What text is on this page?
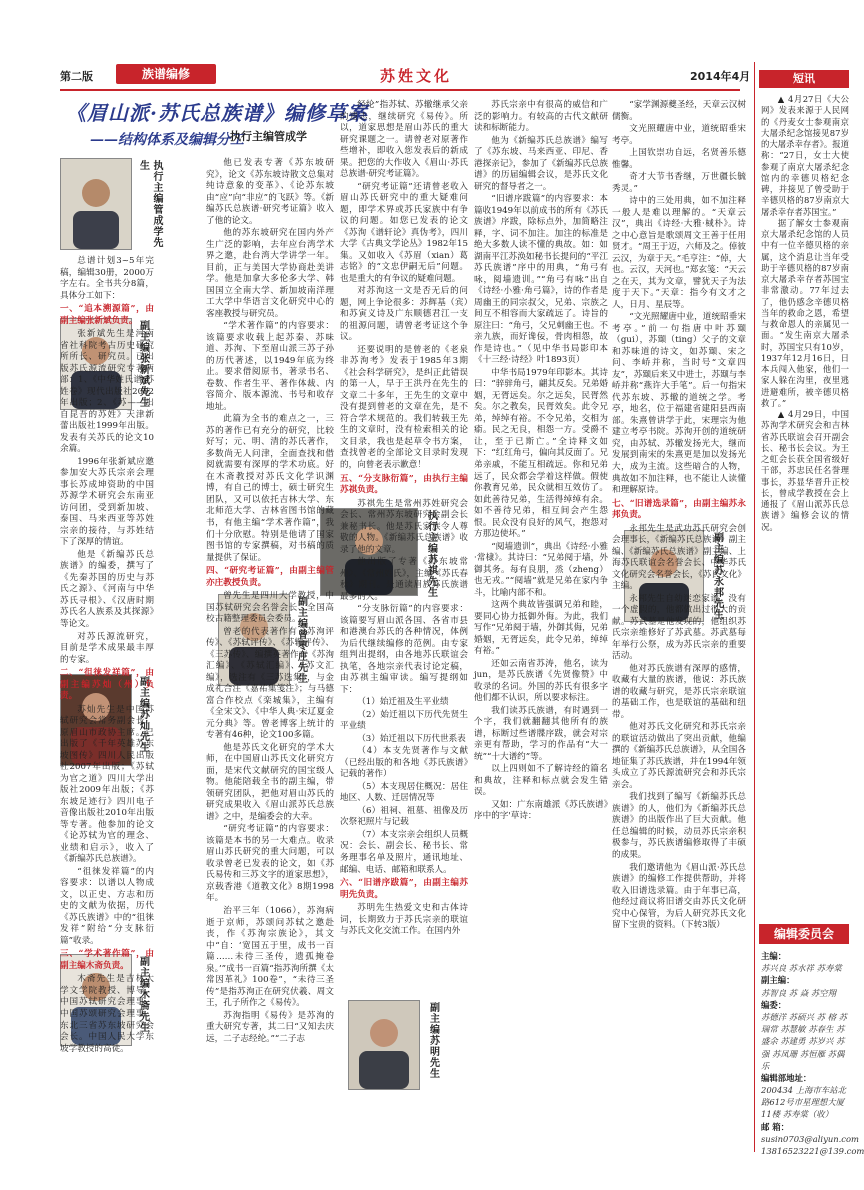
第二版	族谱编修	苏姓文化	2014年4月
《眉山派·苏氏总族谱》编修草案
——结构体系及编辑分工
执行主编管成学
执行主编管成学先生
副主编张新斌先生
副主编苏灿先生
副主编木斋先生
副主编曾枣庄先生
执行主编苏祺先生
副主编苏明先生
副主编苏永邦先生

总谱计划3~5年完稿，编辑30册，2000万字左右。全书共分8篇，具体分工如下：

一、“追本溯源篇”，由副主编张新斌负责。

张新斌先生是河南省社科院考古历史研究所所长、研究员。已出版苏氏源流研究专著两部：1、《中华姓氏谱·苏姓卷》现代出版社2002年出版；2、《苏——出自昆吾的苏姓》天津新蕾出版社1999年出版。发表有关苏氏的论文10余篇。

1996年张新斌应邀参加安大苏氏宗亲会理事长苏成坤资助的中国苏源学术研究会东南亚访问团，受到新加坡、泰国、马来西亚等苏姓宗亲的接待，与苏姓结下了深厚的情谊。

他是《新编苏氏总族谱》的编委，撰写了《先秦苏国的历史与苏氏之源》、《河南与中华苏氏寻根》、《汉唐时期苏氏名人族系及其探源》等论文。

对苏氏源流研究，目前是学术成果最丰厚的专家。

二、“徂徕发祥篇”，由副主编苏灿（州）负责。

苏灿先生是中国苏轼研究会常务副会长，原眉山市政协主席。已出版了《千年英雄苏东坡图传》四川人民出版社2007年出版；《苏轼为官之道》四川大学出版社2009年出版；《苏东坡足迹行》四川电子音像出版社2010年出版等专著。他参加的论文《论苏轼为官的理念、业绩和启示》，收入了《新编苏氏总族谱》。

“徂徕发祥篇”的内容要求：以谱以人物成文，以正史、方志和历史的文献为依据，历代《苏氏族谱》中的“徂徕发祥”附给“分支脉衍篇”收录。

三、“学术著作篇”，由副主编木斋负责。

木斋先生是吉林大学文学院教授、博导，中国苏轼研究会理事、中国苏颂研究会理事、东北三省苏东坡研究会会长。中国人民大学东坡学教授的高徒。

他已发表专著《苏东坡研究》，论文《苏东坡诗散文总集对纯诗意象的变革》、《论苏东坡由“应”向“非应”的飞跃》等。《新编苏氏总族谱·研究考证篇》收入了他的论文。

他的苏东坡研究在国内外产生广泛的影响，去年应台湾学术界之邀，赴台湾大学讲学一年。目前，正与美国大学协商赴美讲学。他是加拿大多伦多大学、韩国国立全南大学、新加坡南洋理工大学中华语言文化研究中心的客座教授与研究员。

“学术著作篇”的内容要求：该篇要求收载上起苏秦、苏味道、苏洵、下至眉山派三苏子孙的历代著述，以1949年底为终止。要求借阅原书，著录书名、卷数、作者生平、著作体裁、内容简介、版本源流、书号和收存地址。

此篇为全书的难点之一，三苏的著作已有充分的研究，比较好写；元、明、清的苏氏著作，多数尚无人问津，全面查找和借阅就需要有深厚的学术功底。好在木斋教授对苏氏文化学识渊博，有自己的博士，硕士研究生团队，又可以依托吉林大学、东北师范大学、吉林省图书馆的藏书，有他主编“学术著作篇”，我们十分欣慰。特别是他请了国家图书馆的专家撰稿，对书稿的质量提供了保证。

四、“研究考证篇”，由副主编管亦庄教授负责。

曾先生是四川大学教授，中国苏轼研究会名誉会长、全国高校古籍整理委员会委员。

曾老的代表著作有《苏洵评传》、《苏轼评传》、《苏辙评传》、《三苏传》、编撰英著作有《苏洵汇编》、《苏轼汇编》、《苏文汇编》，选注有《三苏选集》，与金成礼合注《嘉祐集笺注》；与马德富合作校点《栾城集》，主编有《全宋文》、《中华人典·宋辽夏金元分典》等。曾老博客上统计的专著有46种，论文100多篇。

他是苏氏文化研究的学术大师，在中国眉山苏氏文化研究方面，是宋代文献研究的国宝级人物。他能陪载全书的副主编，带领研究团队，把他对眉山苏氏的研究成果收入《眉山派苏氏总族谱》之中，是编委会的大幸。

“研究考证篇”的内容要求：该篇是本书的另一大难点。收录眉山苏氏研究的重大问题，可以收录曾老已发表的论文，如《苏氏易传和三苏文字的道家思想》，京载香港《道教文化》8期1998年。

治平三年（1066），苏洵病逝于京师，苏颂问苏轼之邀赴丧，作《苏洵宗族论》，其文中“自：‘宽国五于里，成书一百篇……未待三圣传，遗孤掩卷泉。’”成书一百篇“指苏洵所撰《太常因革礼》100卷”，“未待三圣传”是指苏洵正在研究伏羲、周文王，孔子所作之《易传》。

苏洵指明《易传》是苏洵的重大研究专著，其二曰“又知去庆远，二子志经纶。”“二子志

经纶”指苏轼、苏辙继承父亲的遗志，继续研究《易传》。所以，道家思想是眉山苏氏的重大研究课题之一。请曾老对原著作些增补，即收入您发表后的新成果。把您的大作收入《眉山·苏氏总族谱·研究考证篇》。

“研究考证篇”还请曾老收入眉山苏氏研究中的重大疑难问题，即学术界或苏氏家族中有争议的问题。如您已发表的论文《苏洵《谱轩论》真伪考》，四川大学《古典文学论丛》1982年15集。又如收入《苏眉（xian）葛志铭》的“文忠伊嗣无后”问题。也是重大的有争议的疑难问题。

对苏洵这一文是否无后的问题，网上争论很多：苏辉基（宾）和苏寅义诗及广东顺德君江一支的祖源问题，请曾老考证这个争议。

还要说明的是曾老的《老泉非苏洵考》发表于1985年3期《社会科学研究》，是纠正此错误的第一人，早于王洪丹在先生的文章二十多年，王先生的文章中没有提到曾老的文章在先，是不符合学术规范的。我们转载王先生的文章时，没有检索相关的论文目录，我也是起草令书方案，查找曾老的全部论文目录时发现的，向曾老表示歉意！

五、“分支脉衍篇”，由执行主编苏祺负责。

苏祺先生是常州苏姓研究会会长、常州苏东坡研究会副会长兼秘书长。他是苏氏家族令人尊敬的人物。《新编苏氏总族谱》收录了他的文章。

他出版了专著《苏东坡常州》、《常州姓氏》，主编《苏氏春秋》期刊。是通读眉族苏氏族谱最多的人。

“分支脉衍篇”的内容要求：该篇要写眉山派各国、各省市县和港澳台苏氏的各种情况，体例为后代继续编修的范例。由专家组判出提纲，由各地苏氏联谊会执笔，各地宗亲代表讨论定稿，由苏祺主编审读。编写提纲如下：

（1）始迁祖及生平业绩

（2）始迁祖以下历代先贤生平业绩

（3）始迁祖以下历代世系表

（4）本支先贤著作与文献（已经出版的和各地《苏氏族谱》记载的著作）

（5）本支现居住概况：居住地区、人数、迁居情况等

（6）祖祠、祖墓、祖像及历次祭祀照片与记载

（7）本支宗亲会组织人员概况：会长、副会长、秘书长、常务理事名单及照片，通讯地址、邮编、电话、邮箱和联系人。

六、“旧谱序跋篇”，由副主编苏明先负责。

苏明先生热爱文史和古体诗词，长期致力于苏氏宗亲的联谊与苏氏文化交流工作。在国内外

苏氏宗亲中有很高的威信和广泛的影响力。有较高的古代文献研读和标断能力。

他为《新编苏氏总族谱》编写了《苏东坡、马来西亚、印尼、香港探亲记》，参加了《新编苏氏总族谱》的历届编辑会议，是苏氏文化研究的督导者之一。

“旧谱序跋篇”的内容要求：本篇收1949年以前成书的所有《苏氏族谱》序跋，除标点外，加简略注释，字、词不加注。加注的标准是绝大多数人读不懂的典故。如：如湖南平江苏涣如秘书长提问的“平江苏氏族谱”序中的用典，“角弓有咏，阅墙遗训。”“角弓有咏”出自《诗经·小雅·角弓篇》，诗的作者是周幽王的同宗叔父，兄弟、宗族之间互不相容而大家疏远了。诗旨的原注曰：“角弓，父兄刺幽王也。不亲九族，而好谗佞，骨肉相怨，故作是诗也。”（见中华书局影印本《十三经·诗经》叶1893页）

中华书局1979年印影本。其诗曰：“骍骍角弓，翩其反矣。兄弟婚姻，无胥远矣。尔之远矣，民胥然矣。尔之教矣，民胥效矣。此令兄弟，绰绰有裕。不令兄弟，交相为瘉。民之无良，相怨一方。受爵不让，至于已斯亡。”全诗释文如下：“红红角弓，偏向其反面了。兄弟亲戚，不能互相疏远。你和兄弟远了，民众都会学着这样做。假使你教育兄弟，民众就相互效仿了。如此善待兄弟，生活得绰绰有余。如不善待兄弟，相互间会产生怨恨。民众没有良好的风气，抱怨对方那边使坏。”

“阋墙遗训”，典出《诗经·小雅·常棣》。其诗曰：“兄弟阋于墙，外御其务。每有良朋，烝（zheng）也无戎。”“阋墙”就是兄弟在家内争斗，比喻内部不和。

这两个典故皆强调兄弟和睦，要同心协力抵御外侮。为此，我们写作“兄弟阋于墙，外御其侮，兄弟婚姻，无胥远矣，此令兄弟，绰绰有裕。”

还如云南省苏涛，他名，读为jun，是苏氏族谱《先贤像赞》中收录的名词。外国的苏氏有很多字他们都不认识，所以要求标注。

我们读苏氏族谱，有时遇到一个字，我们就翻翻其他所有的族谱，标断过些谱牒序跋，就会对宗亲更有帮助，学习的作品有“大一统”“十大谱约”等。

以上四则如不了解诗经的篇名和典故，注释和标点就会发生错误。

又如：广东南雄派《苏氏族谱》序中的字'草诗：

“家学渊源夔圣经，天章云汉树儒衡。

文光照耀唐中业，道统昭垂宋考亭。

上国钦崇功自远，名贤善乐德惟馨。

奇才大节书香继，万世疆长毓秀灵。”

诗中的三处用典，如不加注释一般人是难以理解的。“天章云汉”，典出《诗经·大雅·棫朴》。诗之中心意旨是歌颂周文王善于任用贤才。“周王于迈，六师及之。倬彼云汉，为章于天。”毛亨注：“倬，大也。云汉，天河也。”郑玄笺：“天云之在天，其为文章，譬犹天子为法度于天下。”天章：指今有文才之人，日月、星辰等。

“文光照耀唐中业，道统昭垂宋考亭。”前一句指唐中叶苏颋（gui），苏颋（ting）父子的文章和苏味道的诗文，如苏颋、宋之问、李峤并称，当时号“文章四友”，苏颋后来又中进士，苏颋与李峤并称“燕许大手笔”。后一句指宋代苏东坡、苏辙的道统之学。考亭，地名，位于福建省建阳县西南部。朱熹曾讲学于此，宋理宗为他建立考亭书院。苏洵开创的道统研究，由苏轼、苏辙发扬光大，继而发展到南宋的朱熹更是加以发扬光大，成为主流。这些暗合的人物，典故如不加注释，也不能让人读懂和理解原诗。

七、“旧谱选录篇”，由副主编苏永邦负责。

永邦先生是武功苏氏研究会创会理事长，《新编苏氏总族谱》副主编、《新编苏氏总族谱》副主编、上海苏氏联谊会名誉会长、中华苏氏文化研究会名誉会长，《苏氏文化》主编。

永邦先生自幼迷恋家谱，没有一个虚假的，他都做出过很大的贡献。苏武墓是他发现的，他组织苏氏宗亲维修好了苏武墓。苏武墓每年举行公祭，成为苏氏宗亲的重要活动。

他对苏氏族谱有深厚的感情，收藏有大量的族谱，他说：苏氏族谱的收藏与研究，是苏氏宗亲联谊的基础工作，也是联谊的基础和纽带。

他对苏氏文化研究和苏氏宗亲的联谊活动做出了突出贡献，他编撰的《新编苏氏总族谱》，从全国各地征集了苏氏族谱，并在1994年领头成立了苏氏源流研究会和苏氏宗亲会。

我们找到了编写《新编苏氏总族谱》的人，他们为《新编苏氏总族谱》的出版作出了巨大贡献。他任总编辑的时候，动员苏氏宗亲积极参与，苏氏族谱编修取得了丰硕的成果。

我们邀请他为《眉山派·苏氏总族谱》的编修工作提供帮助，并将收入旧谱选录篇。由于年事已高，他经过商议将旧谱交由苏氏文化研究中心保管，为后人研究苏氏文化留下宝贵的资料。（下转3版）

短讯

▲ 4月27日《大公网》发表来源于人民网的《丹麦女士参观南京大屠杀纪念馆接见87岁的大屠杀幸存者》。报道称：“27日，女士大使参观了南京大屠杀纪念馆内的幸德贝格纪念碑，并接见了曾受助于辛德贝格的87岁南京大屠杀幸存者苏国宝。”

据了解女士参观南京大屠杀纪念馆的人员中有一位辛德贝格的亲属，这个消息让当年受助于辛德贝格的87岁南京大屠杀幸存者苏国宝非常激动。77年过去了，他仍感念辛德贝格当年的救命之恩，希望与救命恩人的亲属见一面。“发生南京大屠杀时，苏国宝只有10岁，1937年12月16日，日本兵闯入他家，他们一家人躲在沟里，夜里逃进避难所，被辛德贝格救了。”

▲ 4月29日，中国苏洵学术研究会和吉林省苏氏联谊会召开副会长、秘书长会议。为王之虹会长获全国省级好干部，苏忠民任名誉理事长，苏显华晋升正校长，曾成学教授在会上通报了《眉山派苏氏总族谱》编修会议的情况。

编辑委员会
主编：
苏兴良 苏水祥 苏寿棠
副主编：
苏智良 苏 焱 苏空翔
编委：
苏德洋 苏硕兴 苏 榕 苏瑞常 苏慧敏 苏春生 苏盛余 苏建勇 苏岁兴 苏 强 苏凤珊 苏恒雁 苏偶乐
编辑部地址：
200434 上海市车站北路612号市星理想大厦11楼 苏寿棠（收）
邮 箱：
susin0703@aliyun.com
13816523221@139.com
